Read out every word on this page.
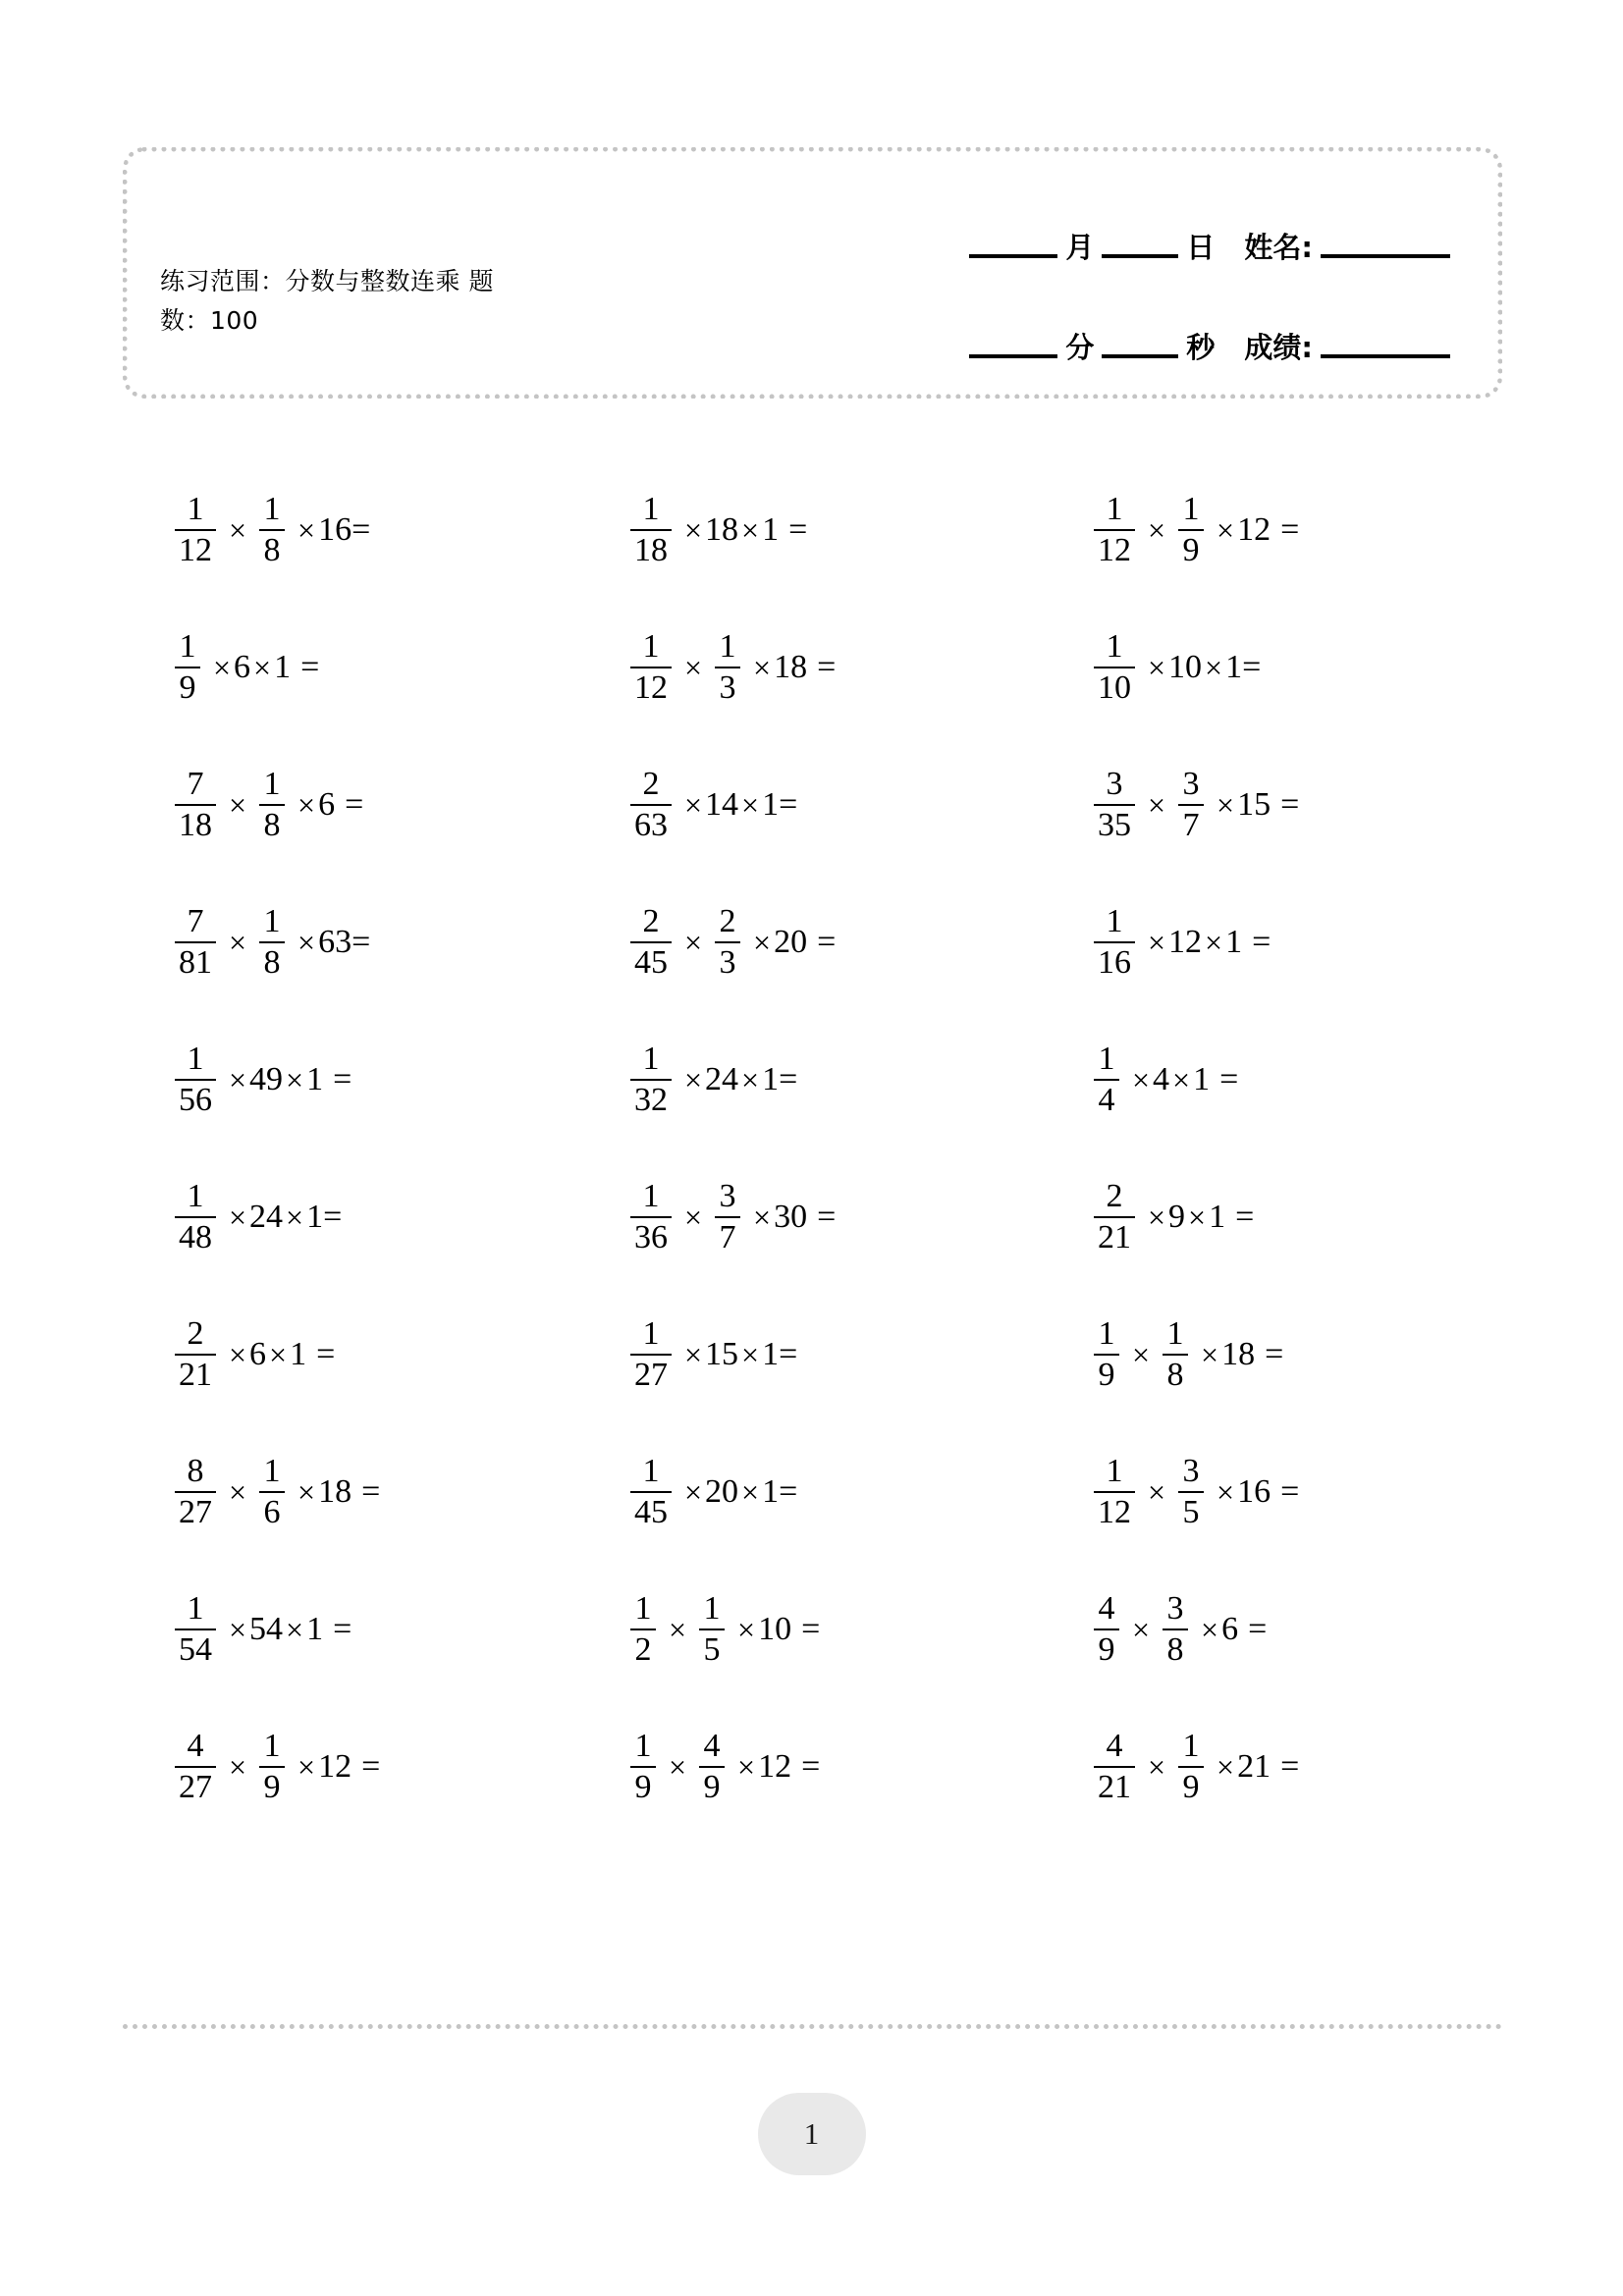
练习范围：分数与整数连乘 题
数：100
月	日 姓名:
分	秒 成绩:
$\frac{1}{12} \times \frac{1}{8} \times 16$ =	$\frac{1}{18} \times 18 \times 1$ =	$\frac{1}{12} \times \frac{1}{9} \times 12$ =
$\frac{1}{9} \times 6 \times 1$ =	$\frac{1}{12} \times \frac{1}{3} \times 18$ =	$\frac{1}{10} \times 10 \times 1$ =
$\frac{7}{18} \times \frac{1}{8} \times 6$ =	$\frac{2}{63} \times 14 \times 1$ =	$\frac{3}{35} \times \frac{3}{7} \times 15$ =
$\frac{7}{81} \times \frac{1}{8} \times 63$ =	$\frac{2}{45} \times \frac{2}{3} \times 20$ =	$\frac{1}{16} \times 12 \times 1$ =
$\frac{1}{56} \times 49 \times 1$ =	$\frac{1}{32} \times 24 \times 1$ =	$\frac{1}{4} \times 4 \times 1$ =
$\frac{1}{48} \times 24 \times 1$ =	$\frac{1}{36} \times \frac{3}{7} \times 30$ =	$\frac{2}{21} \times 9 \times 1$ =
$\frac{2}{21} \times 6 \times 1$ =	$\frac{1}{27} \times 15 \times 1$ =	$\frac{1}{9} \times \frac{1}{8} \times 18$ =
$\frac{8}{27} \times \frac{1}{6} \times 18$ =	$\frac{1}{45} \times 20 \times 1$ =	$\frac{1}{12} \times \frac{3}{5} \times 16$ =
$\frac{1}{54} \times 54 \times 1$ =	$\frac{1}{2} \times \frac{1}{5} \times 10$ =	$\frac{4}{9} \times \frac{3}{8} \times 6$ =
$\frac{4}{27} \times \frac{1}{9} \times 12$ =	$\frac{1}{9} \times \frac{4}{9} \times 12$ =	$\frac{4}{21} \times \frac{1}{9} \times 21$ =
1
